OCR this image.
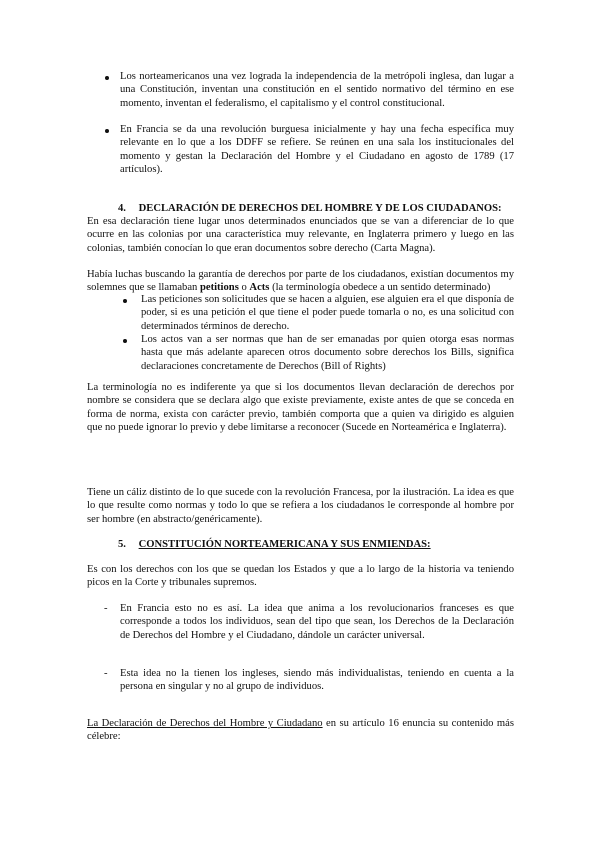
Los norteamericanos una vez lograda la independencia de la metrópoli inglesa, dan lugar a una Constitución, inventan una constitución en el sentido normativo del término en ese momento, inventan el federalismo, el capitalismo y el control constitucional.

En Francia se da una revolución burguesa inicialmente y hay una fecha específica muy relevante en lo que a los DDFF se refiere. Se reúnen en una sala los institucionales del momento y gestan la Declaración del Hombre y el Ciudadano en agosto de 1789 (17 artículos).

4. DECLARACIÓN DE DERECHOS DEL HOMBRE Y DE LOS CIUDADANOS:

En esa declaración tiene lugar unos determinados enunciados que se van a diferenciar de lo que ocurre en las colonias por una característica muy relevante, en Inglaterra primero y luego en las colonias, también conocían lo que eran documentos sobre derecho (Carta Magna).

Había luchas buscando la garantía de derechos por parte de los ciudadanos, existían documentos my solemnes que se llamaban petitions o Acts (la terminología obedece a un sentido determinado)

Las peticiones son solicitudes que se hacen a alguien, ese alguien era el que disponía de poder, si es una petición el que tiene el poder puede tomarla o no, es una solicitud con determinados términos de derecho.

Los actos van a ser normas que han de ser emanadas por quien otorga esas normas hasta que más adelante aparecen otros documento sobre derechos los Bills, significa declaraciones concretamente de Derechos (Bill of Rights)

La terminología no es indiferente ya que si los documentos llevan declaración de derechos por nombre se considera que se declara algo que existe previamente, existe antes de que se conceda en forma de norma, exista con carácter previo, también comporta que a quien va dirigido es alguien que no puede ignorar lo previo y debe limitarse a reconocer (Sucede en Norteamérica e Inglaterra).

Tiene un cáliz distinto de lo que sucede con la revolución Francesa, por la ilustración. La idea es que lo que resulte como normas y todo lo que se refiera a los ciudadanos le corresponde al hombre por ser hombre (en abstracto/genéricamente).

5. CONSTITUCIÓN NORTEAMERICANA Y SUS ENMIENDAS:

Es con los derechos con los que se quedan los Estados y que a lo largo de la historia va teniendo picos en la Corte y tribunales supremos.

- En Francia esto no es así. La idea que anima a los revolucionarios franceses es que corresponde a todos los individuos, sean del tipo que sean, los Derechos de la Declaración de Derechos del Hombre y el Ciudadano, dándole un carácter universal.

- Esta idea no la tienen los ingleses, siendo más individualistas, teniendo en cuenta a la persona en singular y no al grupo de individuos.

La Declaración de Derechos del Hombre y Ciudadano en su artículo 16 enuncia su contenido más célebre:
